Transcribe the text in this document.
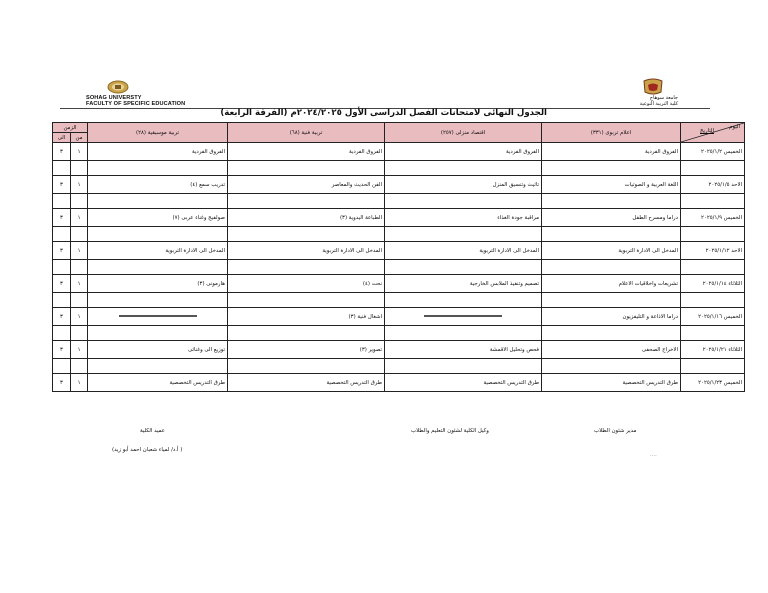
SOHAG UNIVERSTY
FACULTY OF SPECIFIC EDUCATION
جامعة سوهاج
كلية التربية النوعية
الجدول النهائى لامتحانات الفصل الدراسى الأول ٢٠٢٤/٢٠٢٥م (الفرقة الرابعة)
اليوم
التاريخ	اعلام تربوى (٣٣١)	اقتصاد منزلى (٢٥٧)	تربية فنية (٦٨)	تربية موسيقية (٢٨)	الزمن	
					من	الى
الخميس ٢٠٢٥/١/٢	الفروق الفردية	الفروق الفردية	الفروق الفردية	الفروق الفردية	١	٣

الاحد ٢٠٢٥/١/٥	اللغة العربية و الصوتيات	تاثيث وتنسيق المنزل	الفن الحديث والمعاصر	تدريب سمع (٤)	١	٣

الخميس ٢٠٢٥/١/٩	دراما ومسرح الطفل	مراقبة جودة الغذاء	الطباعة اليدوية (٣)	صولفيج وغناء عربى (٧)	١	٣

الاحد ٢٠٢٥/١/١٢	المدخل الى الادارة التربوية	المدخل الى الادارة التربوية	المدخل الى الادارة التربوية	المدخل الى الادارة التربوية	١	٣

الثلاثاء ٢٠٢٥/١/١٤	تشريعات واخلاقيات الاعلام	تصميم وتنفيذ الملابس الخارجية	نحت (٤)	هارمونى (٣)	١	٣

الخميس ٢٠٢٥/١/١٦	دراما الاذاعة و التليفزيون		اشغال فنية (٣)		١	٣

الثلاثاء ٢٠٢٥/١/٢١	الاخراج الصحفى	فحص وتحليل الاقمشة	تصوير (٣)	توزيع الى وغنائى	١	٣

الخميس ٢٠٢٥/١/٢٣	طرق التدريس التخصصية	طرق التدريس التخصصية	طرق التدريس التخصصية	طرق التدريس التخصصية	١	٣
مدير شئون الطلاب
وكيل الكلية لشئون التعليم والطلاب
عميد الكلية
( أ.د/ لمياء شعبان احمد أبو زيد)
....
